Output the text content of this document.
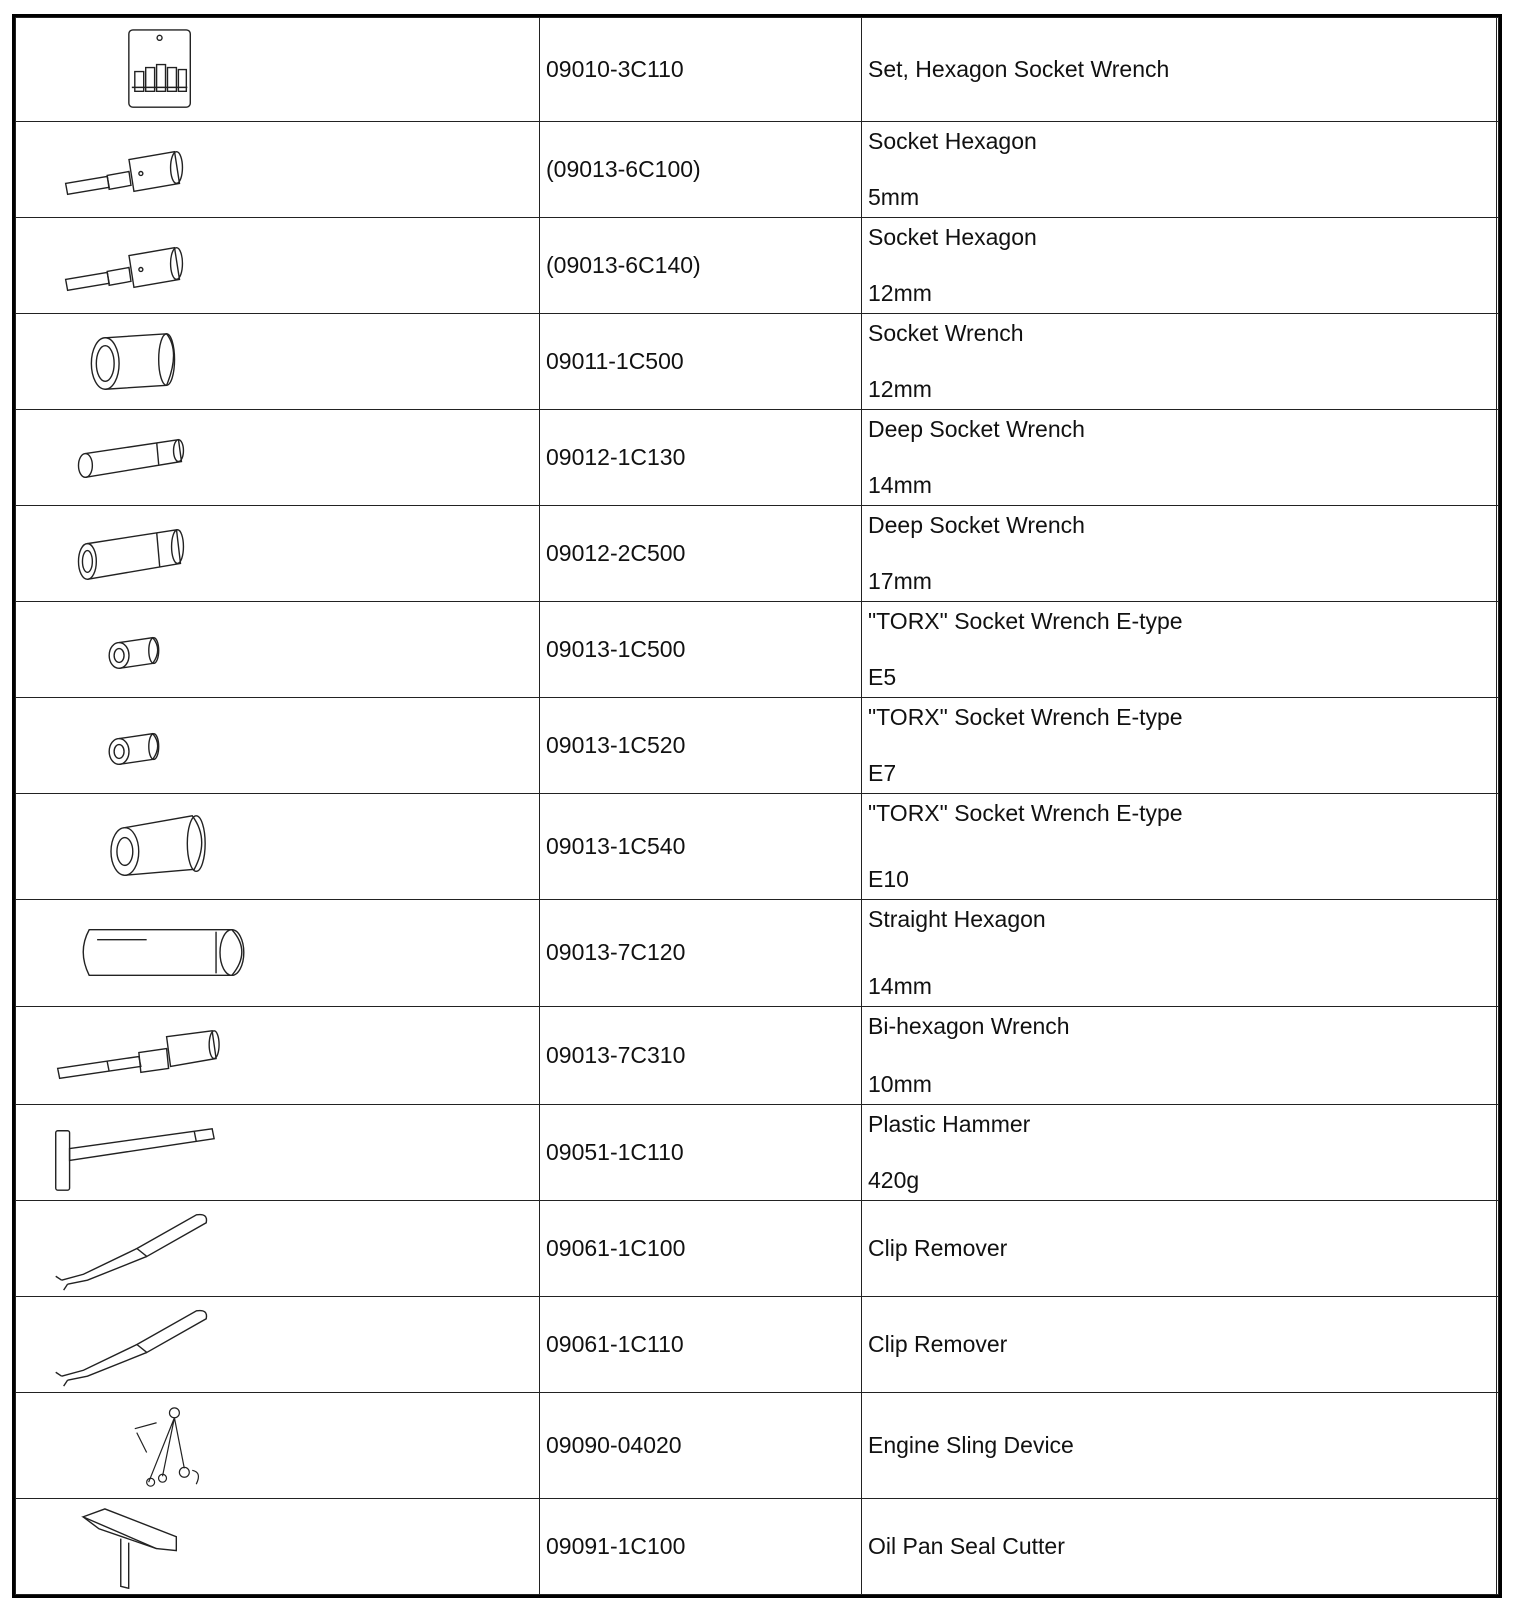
	09010-3C110	Set, Hexagon Socket Wrench	

	(09013-6C100)	Socket Hexagon
5mm	

	(09013-6C140)	Socket Hexagon
12mm	

	09011-1C500	Socket Wrench
12mm	

	09012-1C130	Deep Socket Wrench
14mm	

	09012-2C500	Deep Socket Wrench
17mm	

	09013-1C500	"TORX" Socket Wrench E-type
E5	

	09013-1C520	"TORX" Socket Wrench E-type
E7	

	09013-1C540	"TORX" Socket Wrench E-type
E10	

	09013-7C120	Straight Hexagon
14mm	

	09013-7C310	Bi-hexagon Wrench
10mm	

	09051-1C110	Plastic Hammer
420g	

	09061-1C100	Clip Remover	

	09061-1C110	Clip Remover	

	09090-04020	Engine Sling Device	

	09091-1C100	Oil Pan Seal Cutter	
